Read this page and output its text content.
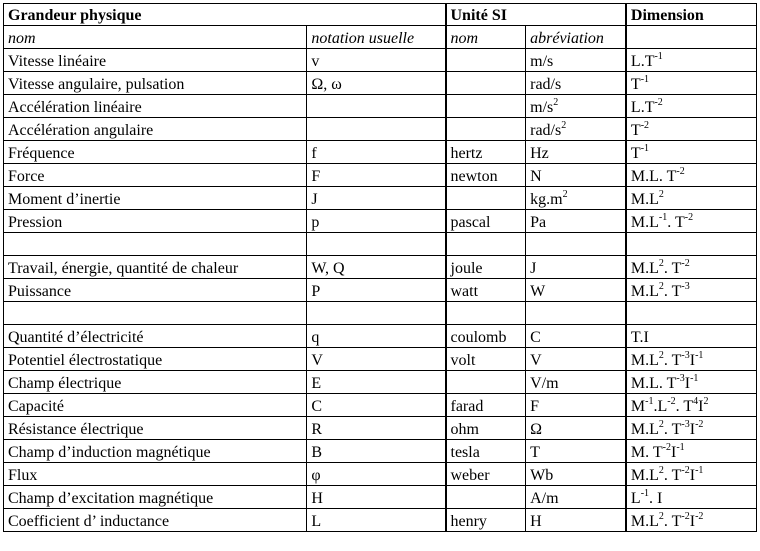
Grandeur physique		Unité SI		Dimension
nom	notation usuelle	nom	abréviation	
Vitesse linéaire	v		m/s	$L.T^{-1}$
Vitesse angulaire, pulsation	Ω, ω		rad/s	$T^{-1}$
Accélération linéaire			$m/s^2$	$L.T^{-2}$
Accélération angulaire			rad/$s^2$	$T^{-2}$
Fréquence	f	hertz	Hz	$T^{-1}$
Force	F	newton	N	M.L. $T^{-2}$
Moment d’inertie	J		$kg.m^2$	$M.L^2$
Pression	p	pascal	Pa	$M.L^{-1}$. $T^{-2}$

Travail, énergie, quantité de chaleur	W, Q	joule	J	$M.L^2$. $T^{-2}$
Puissance	P	watt	W	$M.L^2$. $T^{-3}$

Quantité d’électricité	q	coulomb	C	T.I
Potentiel électrostatique	V	volt	V	$M.L^2$. $T^{-3}I^{-1}$
Champ électrique	E		V/m	M.L. $T^{-3}I^{-1}$
Capacité	C	farad	F	$M^{-1}.L^{-2}$. $T^4I^2$
Résistance électrique	R	ohm	Ω	$M.L^2$. $T^{-3}I^{-2}$
Champ d’induction magnétique	B	tesla	T	M. $T^{-2}I^{-1}$
Flux	φ	weber	Wb	$M.L^2$. $T^{-2}I^{-1}$
Champ d’excitation magnétique	H		A/m	$L^{-1}$. I
Coefficient d’ inductance	L	henry	H	$M.L^2$. $T^{-2}I^{-2}$
